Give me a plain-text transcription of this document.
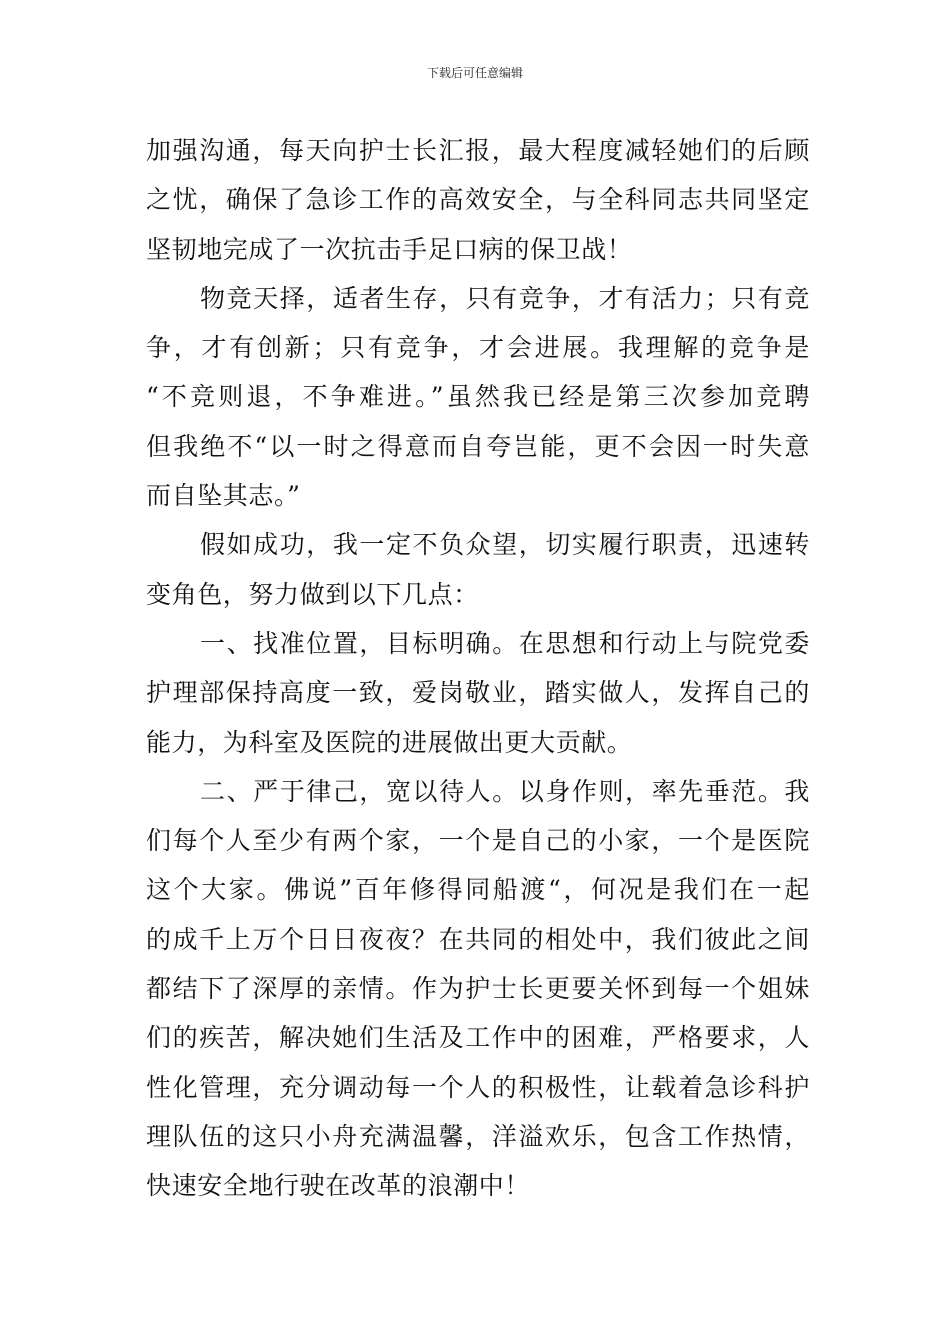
下载后可任意编辑
加强沟通，每天向护士长汇报，最大程度减轻她们的后顾
之忧，确保了急诊工作的高效安全，与全科同志共同坚定
坚韧地完成了一次抗击手足口病的保卫战！
物竞天择，适者生存，只有竞争，才有活力；只有竞
争，才有创新；只有竞争，才会进展。我理解的竞争是
“不竞则退，不争难进。”虽然我已经是第三次参加竞聘
但我绝不“以一时之得意而自夸岂能，更不会因一时失意
而自坠其志。”
假如成功，我一定不负众望，切实履行职责，迅速转
变角色，努力做到以下几点：
一、找准位置，目标明确。在思想和行动上与院党委
护理部保持高度一致，爱岗敬业，踏实做人，发挥自己的
能力，为科室及医院的进展做出更大贡献。
二、严于律己，宽以待人。以身作则，率先垂范。我
们每个人至少有两个家，一个是自己的小家，一个是医院
这个大家。佛说”百年修得同船渡“，何况是我们在一起
的成千上万个日日夜夜？在共同的相处中，我们彼此之间
都结下了深厚的亲情。作为护士长更要关怀到每一个姐妹
们的疾苦，解决她们生活及工作中的困难，严格要求，人
性化管理，充分调动每一个人的积极性，让载着急诊科护
理队伍的这只小舟充满温馨，洋溢欢乐，包含工作热情，
快速安全地行驶在改革的浪潮中！
